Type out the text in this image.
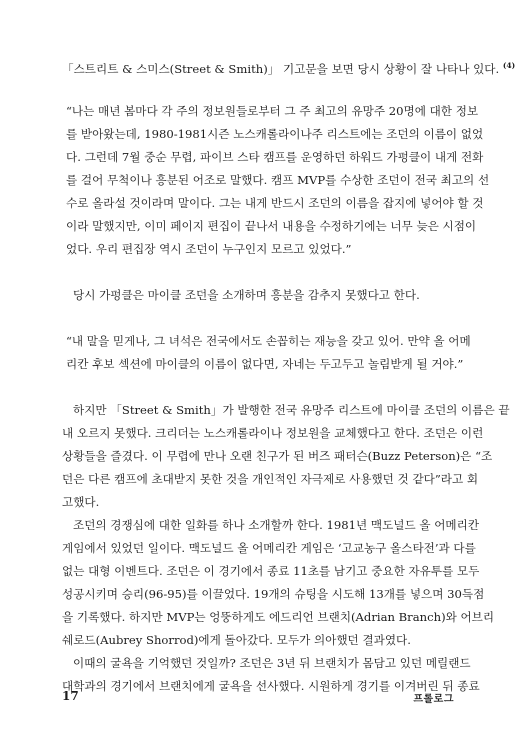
「스트리트 & 스미스(Street & Smith)」 기고문을 보면 당시 상황이 잘 나타나 있다. $^{(4)}$
“나는 매년 봄마다 각 주의 정보원들로부터 그 주 최고의 유망주 20명에 대한 정보
를 받아왔는데, 1980-1981시즌 노스캐롤라이나주 리스트에는 조던의 이름이 없었
다. 그런데 7월 중순 무렵, 파이브 스타 캠프를 운영하던 하워드 가펑클이 내게 전화
를 걸어 무척이나 흥분된 어조로 말했다. 캠프 MVP를 수상한 조던이 전국 최고의 선
수로 올라설 것이라며 말이다. 그는 내게 반드시 조던의 이름을 잡지에 넣어야 할 것
이라 말했지만, 이미 페이지 편집이 끝나서 내용을 수정하기에는 너무 늦은 시점이
었다. 우리 편집장 역시 조던이 누구인지 모르고 있었다.”
당시 가펑클은 마이클 조던을 소개하며 흥분을 감추지 못했다고 한다.
“내 말을 믿게나, 그 녀석은 전국에서도 손꼽히는 재능을 갖고 있어. 만약 올 어메
리칸 후보 섹션에 마이클의 이름이 없다면, 자네는 두고두고 놀림받게 될 거야.”
하지만 「Street & Smith」가 발행한 전국 유망주 리스트에 마이클 조던의 이름은 끝
내 오르지 못했다. 크리더는 노스캐롤라이나 정보원을 교체했다고 한다. 조던은 이런
상황들을 즐겼다. 이 무렵에 만나 오랜 친구가 된 버즈 패터슨(Buzz Peterson)은 “조
던은 다른 캠프에 초대받지 못한 것을 개인적인 자극제로 사용했던 것 같다”라고 회
고했다.
조던의 경쟁심에 대한 일화를 하나 소개할까 한다. 1981년 맥도널드 올 어메리칸
게임에서 있었던 일이다. 맥도널드 올 어메리칸 게임은 ‘고교농구 올스타전’과 다를
없는 대형 이벤트다. 조던은 이 경기에서 종료 11초를 남기고 중요한 자유투를 모두
성공시키며 승리(96-95)를 이끌었다. 19개의 슈팅을 시도해 13개를 넣으며 30득점
을 기록했다. 하지만 MVP는 엉뚱하게도 에드리언 브랜치(Adrian Branch)와 어브리
쉐로드(Aubrey Shorrod)에게 돌아갔다. 모두가 의아했던 결과였다.
이때의 굴욕을 기억했던 것일까? 조던은 3년 뒤 브랜치가 몸담고 있던 메릴랜드
대학과의 경기에서 브랜치에게 굴욕을 선사했다. 시원하게 경기를 이겨버린 뒤 종료
17	프롤로그
